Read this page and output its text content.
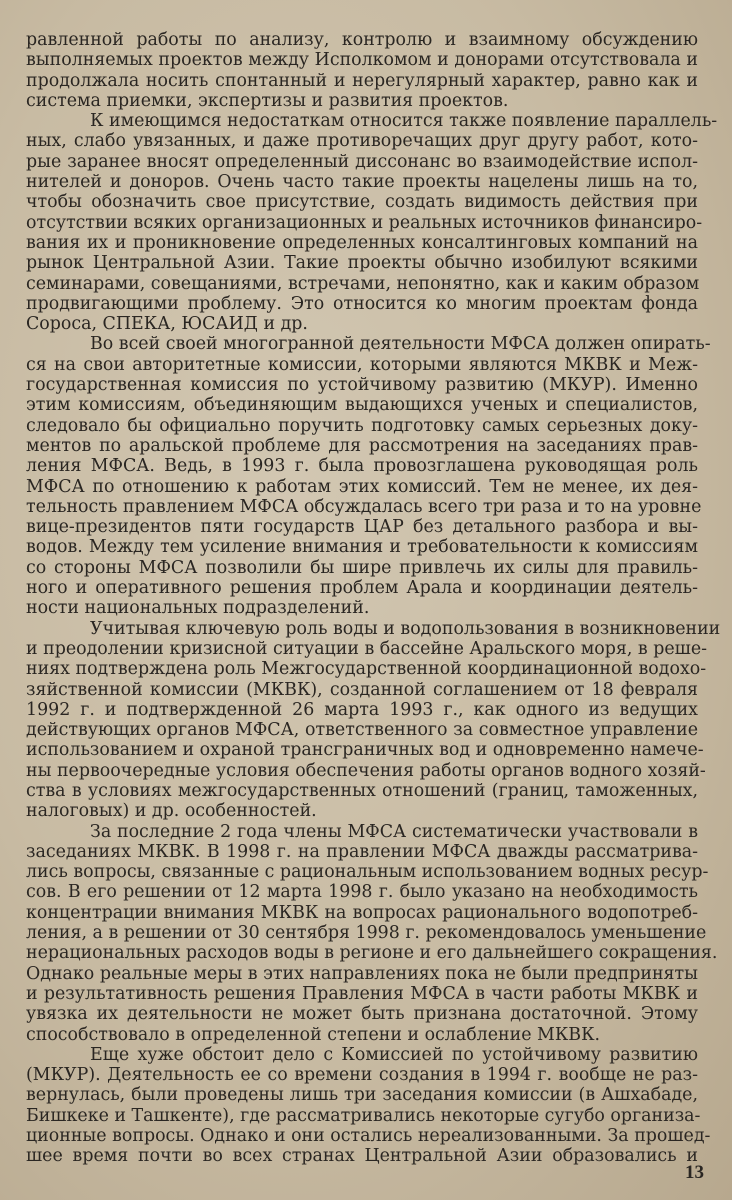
равленной работы по анализу, контролю и взаимному обсуждению
выполняемых проектов между Исполкомом и донорами отсутствовала и
продолжала носить спонтанный и нерегулярный характер, равно как и
система приемки, экспертизы и развития проектов.
К имеющимся недостаткам относится также появление параллель-
ных, слабо увязанных, и даже противоречащих друг другу работ, кото-
рые заранее вносят определенный диссонанс во взаимодействие испол-
нителей и доноров. Очень часто такие проекты нацелены лишь на то,
чтобы обозначить свое присутствие, создать видимость действия при
отсутствии всяких организационных и реальных источников финансиро-
вания их и проникновение определенных консалтинговых компаний на
рынок Центральной Азии. Такие проекты обычно изобилуют всякими
семинарами, совещаниями, встречами, непонятно, как и каким образом
продвигающими проблему. Это относится ко многим проектам фонда
Сороса, СПЕКА, ЮСАИД и др.
Во всей своей многогранной деятельности МФСА должен опирать-
ся на свои авторитетные комиссии, которыми являются МКВК и Меж-
государственная комиссия по устойчивому развитию (МКУР). Именно
этим комиссиям, объединяющим выдающихся ученых и специалистов,
следовало бы официально поручить подготовку самых серьезных доку-
ментов по аральской проблеме для рассмотрения на заседаниях прав-
ления МФСА. Ведь, в 1993 г. была провозглашена руководящая роль
МФСА по отношению к работам этих комиссий. Тем не менее, их дея-
тельность правлением МФСА обсуждалась всего три раза и то на уровне
вице-президентов пяти государств ЦАР без детального разбора и вы-
водов. Между тем усиление внимания и требовательности к комиссиям
со стороны МФСА позволили бы шире привлечь их силы для правиль-
ного и оперативного решения проблем Арала и координации деятель-
ности национальных подразделений.
Учитывая ключевую роль воды и водопользования в возникновении
и преодолении кризисной ситуации в бассейне Аральского моря, в реше-
ниях подтверждена роль Межгосударственной координационной водохо-
зяйственной комиссии (МКВК), созданной соглашением от 18 февраля
1992 г. и подтвержденной 26 марта 1993 г., как одного из ведущих
действующих органов МФСА, ответственного за совместное управление
использованием и охраной трансграничных вод и одновременно намече-
ны первоочередные условия обеспечения работы органов водного хозяй-
ства в условиях межгосударственных отношений (границ, таможенных,
налоговых) и др. особенностей.
За последние 2 года члены МФСА систематически участвовали в
заседаниях МКВК. В 1998 г. на правлении МФСА дважды рассматрива-
лись вопросы, связанные с рациональным использованием водных ресур-
сов. В его решении от 12 марта 1998 г. было указано на необходимость
концентрации внимания МКВК на вопросах рационального водопотреб-
ления, а в решении от 30 сентября 1998 г. рекомендовалось уменьшение
нерациональных расходов воды в регионе и его дальнейшего сокращения.
Однако реальные меры в этих направлениях пока не были предприняты
и результативность решения Правления МФСА в части работы МКВК и
увязка их деятельности не может быть признана достаточной. Этому
способствовало в определенной степени и ослабление МКВК.
Еще хуже обстоит дело с Комиссией по устойчивому развитию
(МКУР). Деятельность ее со времени создания в 1994 г. вообще не раз-
вернулась, были проведены лишь три заседания комиссии (в Ашхабаде,
Бишкеке и Ташкенте), где рассматривались некоторые сугубо организа-
ционные вопросы. Однако и они остались нереализованными. За прошед-
шее время почти во всех странах Центральной Азии образовались и
13
